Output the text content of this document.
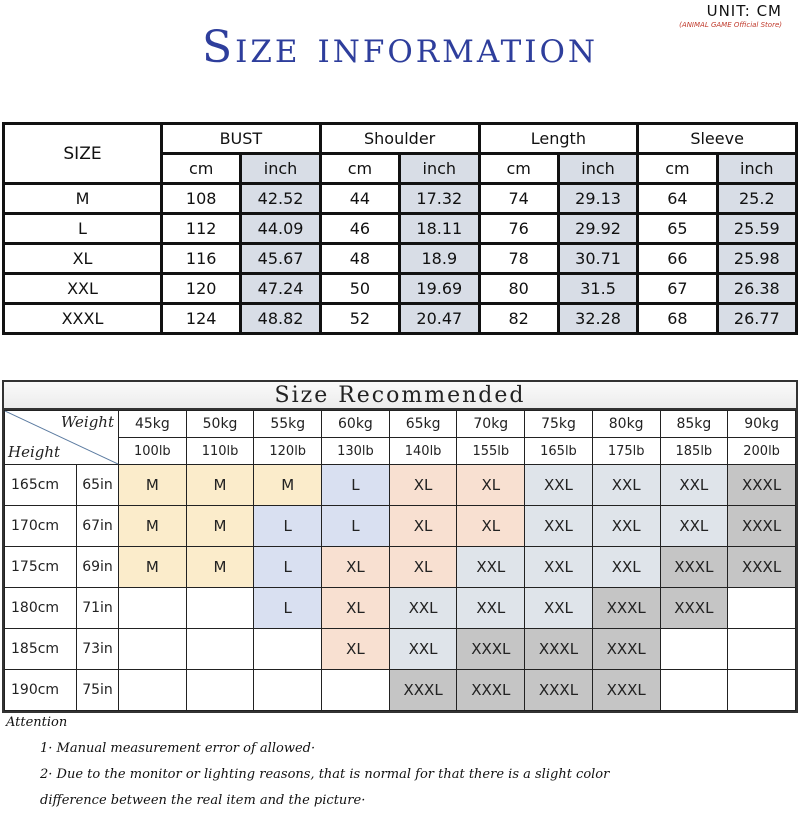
UNIT: CM
(ANIMAL GAME Official Store)
Size information
SIZE	BUST		Shoulder		Length		Sleeve	
	cm	inch	cm	inch	cm	inch	cm	inch
M	108	42.52	44	17.32	74	29.13	64	25.2
L	112	44.09	46	18.11	76	29.92	65	25.59
XL	116	45.67	48	18.9	78	30.71	66	25.98
XXL	120	47.24	50	19.69	80	31.5	67	26.38
XXXL	124	48.82	52	20.47	82	32.28	68	26.77
Size Recommended
Weight
Height		45kg	50kg	55kg	60kg	65kg	70kg	75kg	80kg	85kg	90kg
		100lb	110lb	120lb	130lb	140lb	155lb	165lb	175lb	185lb	200lb
165cm	65in	M	M	M	L	XL	XL	XXL	XXL	XXL	XXXL
170cm	67in	M	M	L	L	XL	XL	XXL	XXL	XXL	XXXL
175cm	69in	M	M	L	XL	XL	XXL	XXL	XXL	XXXL	XXXL
180cm	71in			L	XL	XXL	XXL	XXL	XXXL	XXXL	
185cm	73in				XL	XXL	XXXL	XXXL	XXXL		
190cm	75in					XXXL	XXXL	XXXL	XXXL		

Attention

1· Manual measurement error of allowed·

2· Due to the monitor or lighting reasons, that is normal for that there is a slight color

difference between the real item and the picture·
